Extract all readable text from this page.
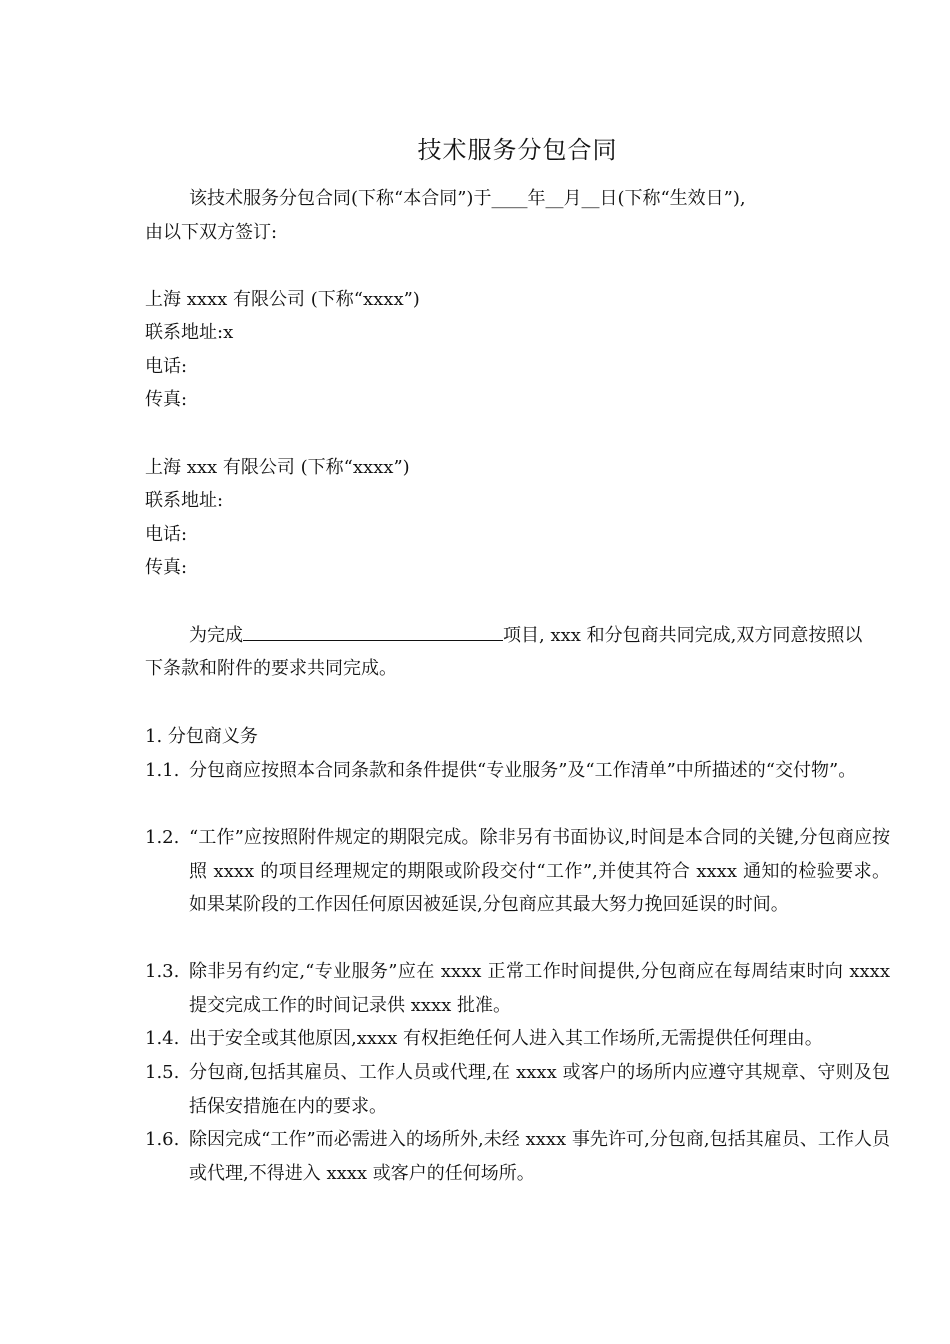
技术服务分包合同
该技术服务分包合同(下称“本合同”)于____年__月__日(下称“生效日”),
由以下双方签订:
上海 xxxx 有限公司 (下称“xxxx”)
联系地址:x
电话:
传真:
上海 xxx 有限公司 (下称“xxxx”)
联系地址:
电话:
传真:
为完成	项目, xxx 和分包商共同完成,双方同意按照以
下条款和附件的要求共同完成。
1. 分包商义务
1.1. 分包商应按照本合同条款和条件提供“专业服务”及“工作清单”中所描述的“交付物”。
1.2. “工作”应按照附件规定的期限完成。除非另有书面协议,时间是本合同的关键,分包商应按照 xxxx 的项目经理规定的期限或阶段交付“工作”,并使其符合 xxxx 通知的检验要求。如果某阶段的工作因任何原因被延误,分包商应其最大努力挽回延误的时间。
1.3. 除非另有约定,“专业服务”应在 xxxx 正常工作时间提供,分包商应在每周结束时向 xxxx 提交完成工作的时间记录供 xxxx 批准。
1.4. 出于安全或其他原因,xxxx 有权拒绝任何人进入其工作场所,无需提供任何理由。
1.5. 分包商,包括其雇员、工作人员或代理,在 xxxx 或客户的场所内应遵守其规章、守则及包括保安措施在内的要求。
1.6. 除因完成“工作”而必需进入的场所外,未经 xxxx 事先许可,分包商,包括其雇员、工作人员或代理,不得进入 xxxx 或客户的任何场所。
